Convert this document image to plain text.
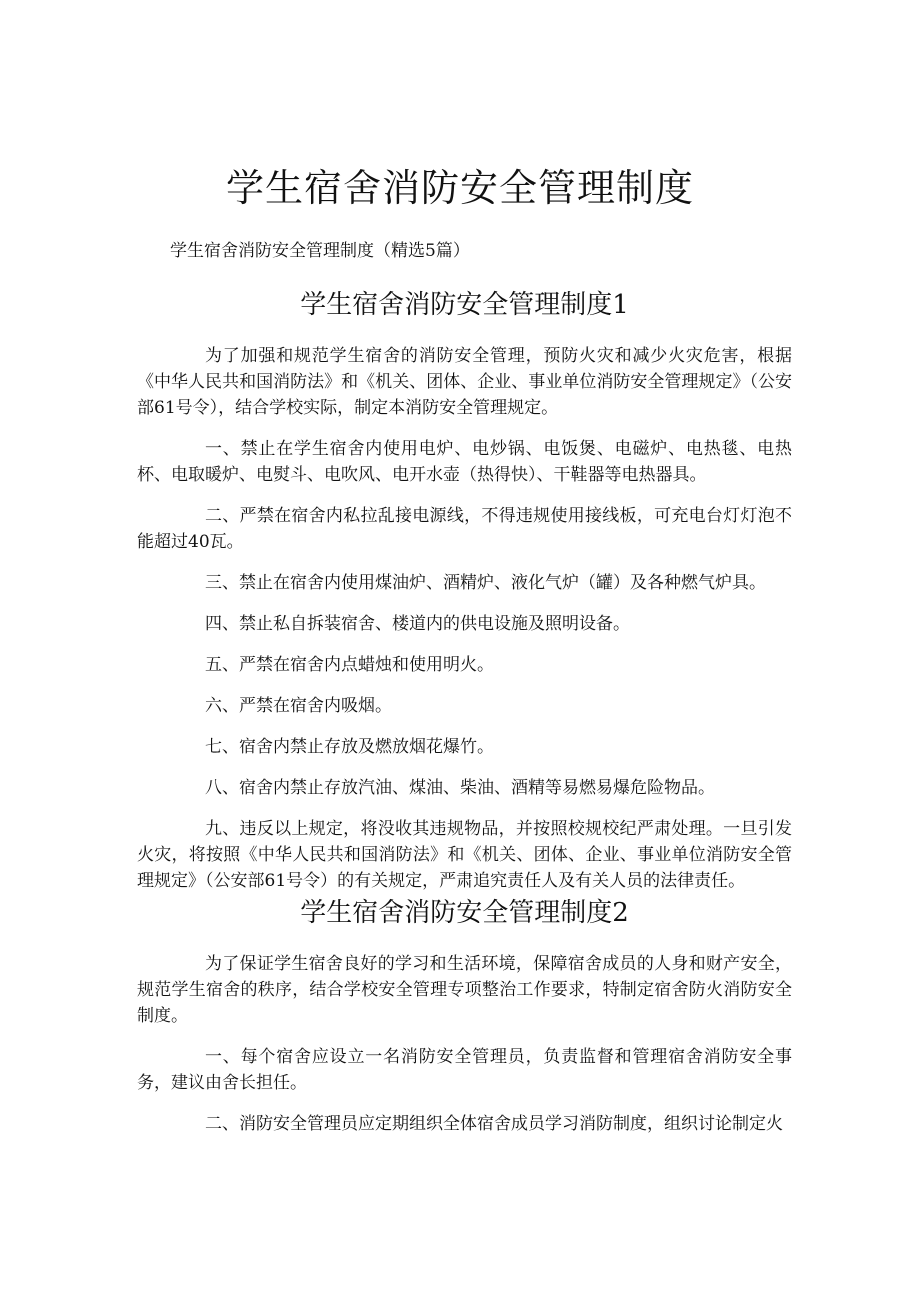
学生宿舍消防安全管理制度

学生宿舍消防安全管理制度（精选5篇）

学生宿舍消防安全管理制度1

为了加强和规范学生宿舍的消防安全管理，预防火灾和减少火灾危害，根据《中华人民共和国消防法》和《机关、团体、企业、事业单位消防安全管理规定》（公安部61号令），结合学校实际，制定本消防安全管理规定。

一、禁止在学生宿舍内使用电炉、电炒锅、电饭煲、电磁炉、电热毯、电热杯、电取暖炉、电熨斗、电吹风、电开水壶（热得快）、干鞋器等电热器具。

二、严禁在宿舍内私拉乱接电源线，不得违规使用接线板，可充电台灯灯泡不能超过40瓦。

三、禁止在宿舍内使用煤油炉、酒精炉、液化气炉（罐）及各种燃气炉具。

四、禁止私自拆装宿舍、楼道内的供电设施及照明设备。

五、严禁在宿舍内点蜡烛和使用明火。

六、严禁在宿舍内吸烟。

七、宿舍内禁止存放及燃放烟花爆竹。

八、宿舍内禁止存放汽油、煤油、柴油、酒精等易燃易爆危险物品。

九、违反以上规定，将没收其违规物品，并按照校规校纪严肃处理。一旦引发火灾，将按照《中华人民共和国消防法》和《机关、团体、企业、事业单位消防安全管理规定》（公安部61号令）的有关规定，严肃追究责任人及有关人员的法律责任。

学生宿舍消防安全管理制度2

为了保证学生宿舍良好的学习和生活环境，保障宿舍成员的人身和财产安全，规范学生宿舍的秩序，结合学校安全管理专项整治工作要求，特制定宿舍防火消防安全制度。

一、每个宿舍应设立一名消防安全管理员，负责监督和管理宿舍消防安全事务，建议由舍长担任。

二、消防安全管理员应定期组织全体宿舍成员学习消防制度，组织讨论制定火
